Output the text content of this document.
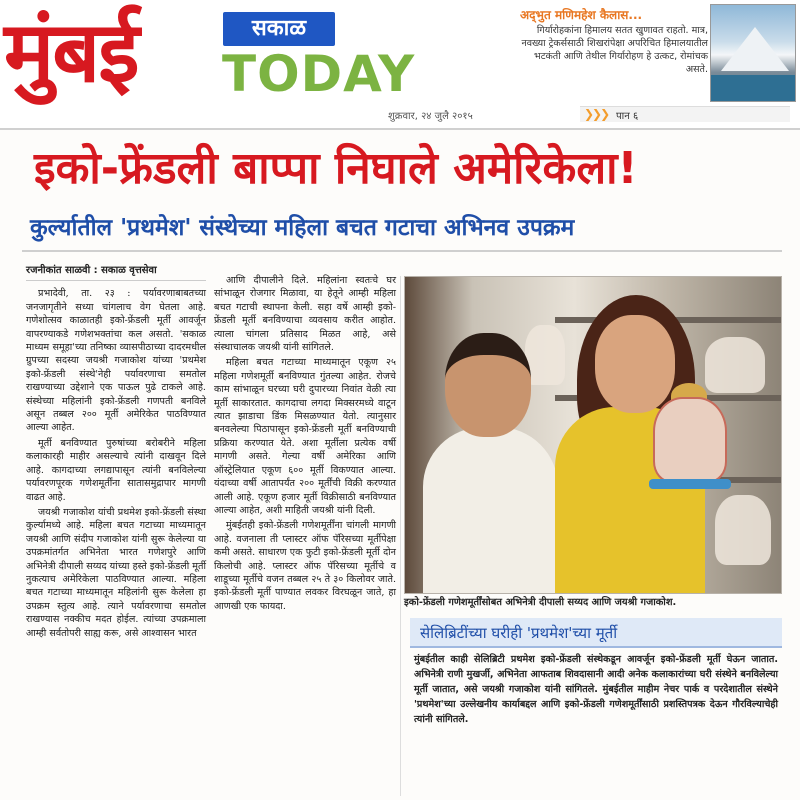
मुंबई	सकाळ
TODAY
अद्‍भुत मणिमहेश कैलास...
गिर्यारोहकांना हिमालय सतत खुणावत राहतो. मात्र, नवख्या ट्रेकर्ससाठी शिखरांपेक्षा अपरिचित हिमालयातील भटकंती आणि तेथील गिर्यारोहण हे उत्कट, रोमांचक असते.
शुक्रवार, २४ जुलै २०१५	❯❯❯ पान ६
इको-फ्रेंडली बाप्पा निघाले अमेरिकेला!
कुर्ल्यातील 'प्रथमेश' संस्थेच्या महिला बचत गटाचा अभिनव उपक्रम
रजनीकांत साळवी : सकाळ वृत्तसेवा

प्रभादेवी, ता. २३ : पर्यावरणाबाबतच्या जनजागृतीने सध्या चांगलाच वेग घेतला आहे. गणेशोत्सव काळातही इको-फ्रेंडली मूर्ती आवर्जून वापरण्याकडे गणेशभक्तांचा कल असतो. 'सकाळ माध्यम समूहा'च्या तनिष्का व्यासपीठाच्या दादरमधील ग्रुपच्या सदस्या जयश्री गजाकोश यांच्या 'प्रथमेश इको-फ्रेंडली संस्थे'नेही पर्यावरणाचा समतोल राखण्याच्या उद्देशाने एक पाऊल पुढे टाकले आहे. संस्थेच्या महिलांनी इको-फ्रेंडली गणपती बनविले असून तब्बल २०० मूर्ती अमेरिकेत पाठविण्यात आल्या आहेत.

मूर्ती बनविण्यात पुरुषांच्या बरोबरीने महिला कलाकारही माहीर असल्याचे त्यांनी दाखवून दिले आहे. कागदाच्या लगद्यापासून त्यांनी बनविलेल्या पर्यावरणपूरक गणेशमूर्तींना सातासमुद्रापार मागणी वाढत आहे.

जयश्री गजाकोश यांची प्रथमेश इको-फ्रेंडली संस्था कुर्ल्यामध्ये आहे. महिला बचत गटाच्या माध्यमातून जयश्री आणि संदीप गजाकोश यांनी सुरू केलेल्या या उपक्रमांतर्गत अभिनेता भारत गणेशपुरे आणि अभिनेत्री दीपाली सय्यद यांच्या हस्ते इको-फ्रेंडली मूर्ती नुकत्याच अमेरिकेला पाठविण्यात आल्या. महिला बचत गटाच्या माध्यमातून महिलांनी सुरू केलेला हा उपक्रम स्तुत्य आहे. त्याने पर्यावरणाचा समतोल राखण्यास नक्कीच मदत होईल. त्यांच्या उपक्रमाला आम्ही सर्वतोपरी साह्य करू, असे आश्वासन भारत

आणि दीपालीने दिले. महिलांना स्वतःचे घर सांभाळून रोजगार मिळावा, या हेतूने आम्ही महिला बचत गटाची स्थापना केली. सहा वर्षे आम्ही इको-फ्रेंडली मूर्ती बनविण्याचा व्यवसाय करीत आहोत. त्याला चांगला प्रतिसाद मिळत आहे, असे संस्थाचालक जयश्री यांनी सांगितले.

महिला बचत गटाच्या माध्यमातून एकूण २५ महिला गणेशमूर्ती बनविण्यात गुंतल्या आहेत. रोजचे काम सांभाळून घरच्या घरी दुपारच्या निवांत वेळी त्या मूर्ती साकारतात. कागदाचा लगदा मिक्सरमध्ये वाटून त्यात झाडाचा डिंक मिसळण्यात येतो. त्यानुसार बनवलेल्या पिठापासून इको-फ्रेंडली मूर्ती बनविण्याची प्रक्रिया करण्यात येते. अशा मूर्तीला प्रत्येक वर्षी मागणी असते. गेल्या वर्षी अमेरिका आणि ऑस्ट्रेलियात एकूण ६०० मूर्ती विकण्यात आल्या. यंदाच्या वर्षी आतापर्यंत २०० मूर्तींची विक्री करण्यात आली आहे. एकूण हजार मूर्ती विक्रीसाठी बनविण्यात आल्या आहेत, अशी माहिती जयश्री यांनी दिली.

मुंबईतही इको-फ्रेंडली गणेशमूर्तींना चांगली मागणी आहे. वजनाला ती प्लास्टर ऑफ पॅरिसच्या मूर्तीपेक्षा कमी असते. साधारण एक फुटी इको-फ्रेंडली मूर्ती दोन किलोची आहे. प्लास्टर ऑफ पॅरिसच्या मूर्तीचे व शाडूच्या मूर्तीचे वजन तब्बल २५ ते ३० किलोवर जाते. इको-फ्रेंडली मूर्ती पाण्यात लवकर विरघळून जाते, हा आणखी एक फायदा.	इको-फ्रेंडली गणेशमूर्तींसोबत अभिनेत्री दीपाली सय्यद आणि जयश्री गजाकोश.
सेलिब्रिटींच्या घरीही 'प्रथमेश'च्या मूर्ती
मुंबईतील काही सेलिब्रिटी प्रथमेश इको-फ्रेंडली संस्थेकडून आवर्जून इको-फ्रेंडली मूर्ती घेऊन जातात. अभिनेत्री राणी मुखर्जी, अभिनेता आफताब शिवदासानी आदी अनेक कलाकारांच्या घरी संस्थेने बनविलेल्या मूर्ती जातात, असे जयश्री गजाकोश यांनी सांगितले. मुंबईतील माहीम नेचर पार्क व परदेशातील संस्थेने 'प्रथमेश'च्या उल्लेखनीय कार्याबद्दल आणि इको-फ्रेंडली गणेशमूर्तींसाठी प्रशस्तिपत्रक देऊन गौरविल्याचेही त्यांनी सांगितले.
